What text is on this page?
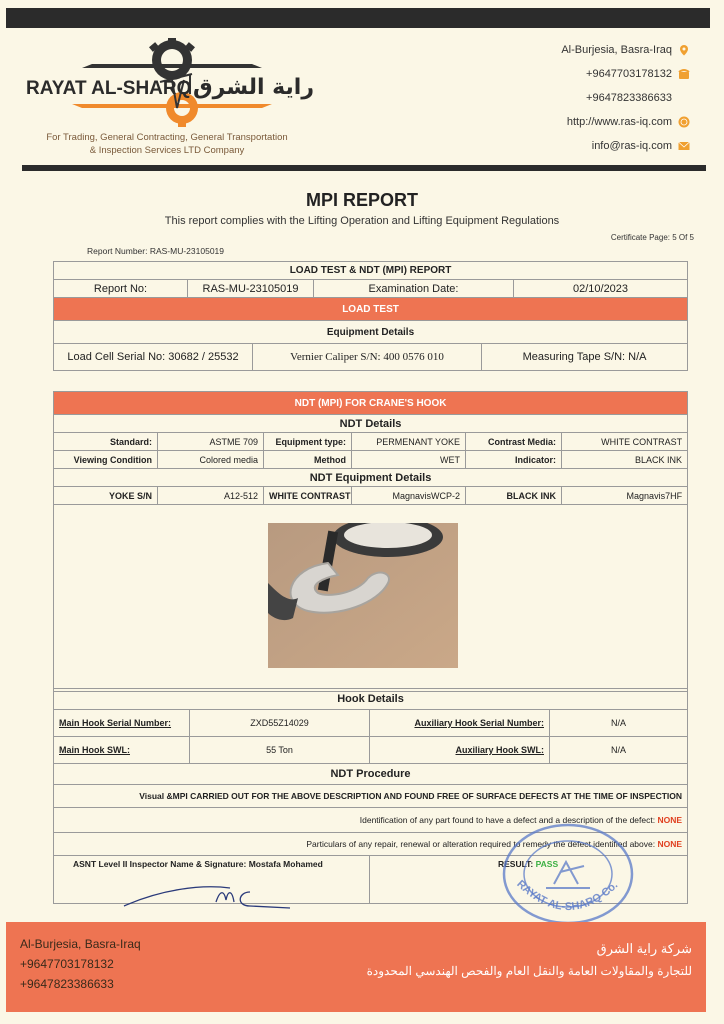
RAYAT AL-SHARQ راية الشرق
For Trading, General Contracting, General Transportation
& Inspection Services LTD Company
Al-Burjesia, Basra-Iraq
+9647703178132
+9647823386633
http://www.ras-iq.com
info@ras-iq.com
MPI REPORT
This report complies with the Lifting Operation and Lifting Equipment Regulations
Certificate Page: 5 Of 5
Report Number: RAS-MU-23105019
LOAD TEST & NDT (MPI) REPORT
Report No:	RAS-MU-23105019	Examination Date:	02/10/2023
LOAD TEST
Equipment Details

Load Cell Serial No: 30682 / 25532	Vernier Caliper S/N: 400 0576 010	Measuring Tape S/N: N/A
NDT (MPI) FOR CRANE'S HOOK					
NDT Details					
Standard:	ASTME 709	Equipment type:	PERMENANT YOKE	Contrast Media:	WHITE CONTRAST
Viewing Condition	Colored media	Method	WET	Indicator:	BLACK INK
NDT Equipment Details					
YOKE S/N	A12-512	WHITE CONTRAST	MagnavisWCP-2	BLACK INK	Magnavis7HF

Hook Details			
Main Hook Serial Number:	ZXD55Z14029	Auxiliary Hook Serial Number:	N/A
Main Hook SWL:	55 Ton	Auxiliary Hook SWL:	N/A
NDT Procedure			
Visual &MPI CARRIED OUT FOR THE ABOVE DESCRIPTION AND FOUND FREE OF SURFACE DEFECTS AT THE TIME OF INSPECTION			
Identification of any part found to have a defect and a description of the defect: NONE			
Particulars of any repair, renewal or alteration required to remedy the defect identified above: NONE			
ASNT Level II Inspector Name & Signature: Mostafa Mohamed		RESULT: PASS	
RAYAT AL-SHARQ Co.
Al-Burjesia, Basra-Iraq
+9647703178132
+9647823386633
شركة راية الشرق
للتجارة والمقاولات العامة والنقل العام والفحص الهندسي المحدودة
